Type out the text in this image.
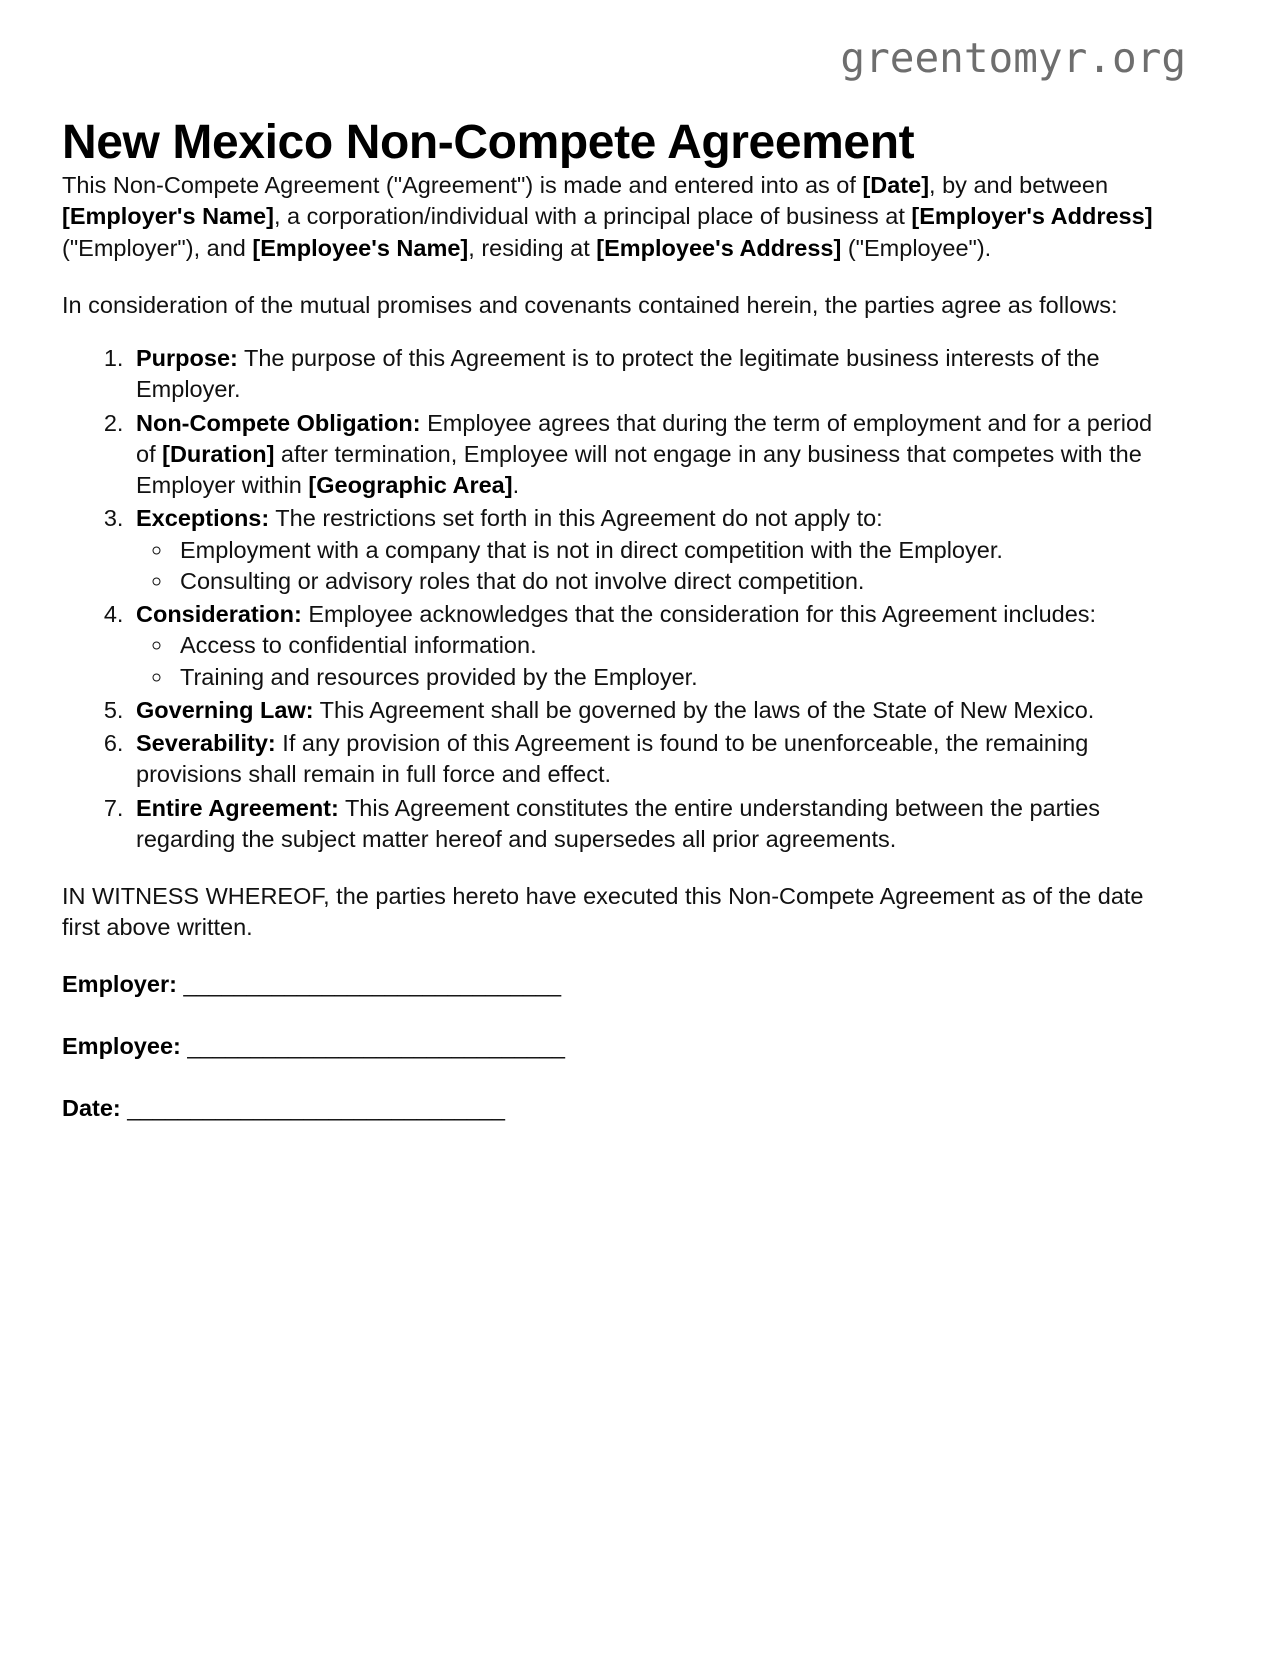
greentomyr.org
New Mexico Non-Compete Agreement

This Non-Compete Agreement ("Agreement") is made and entered into as of [Date], by and between [Employer's Name], a corporation/individual with a principal place of business at [Employer's Address] ("Employer"), and [Employee's Name], residing at [Employee's Address] ("Employee").

In consideration of the mutual promises and covenants contained herein, the parties agree as follows:

1. Purpose: The purpose of this Agreement is to protect the legitimate business interests of the Employer.
2. Non-Compete Obligation: Employee agrees that during the term of employment and for a period of [Duration] after termination, Employee will not engage in any business that competes with the Employer within [Geographic Area].
3. Exceptions: The restrictions set forth in this Agreement do not apply to:
◦ Employment with a company that is not in direct competition with the Employer.
◦ Consulting or advisory roles that do not involve direct competition.
4. Consideration: Employee acknowledges that the consideration for this Agreement includes:
◦ Access to confidential information.
◦ Training and resources provided by the Employer.
5. Governing Law: This Agreement shall be governed by the laws of the State of New Mexico.
6. Severability: If any provision of this Agreement is found to be unenforceable, the remaining provisions shall remain in full force and effect.
7. Entire Agreement: This Agreement constitutes the entire understanding between the parties regarding the subject matter hereof and supersedes all prior agreements.

IN WITNESS WHEREOF, the parties hereto have executed this Non-Compete Agreement as of the date first above written.

Employer: ______________________________
Employee: ______________________________
Date: ______________________________
